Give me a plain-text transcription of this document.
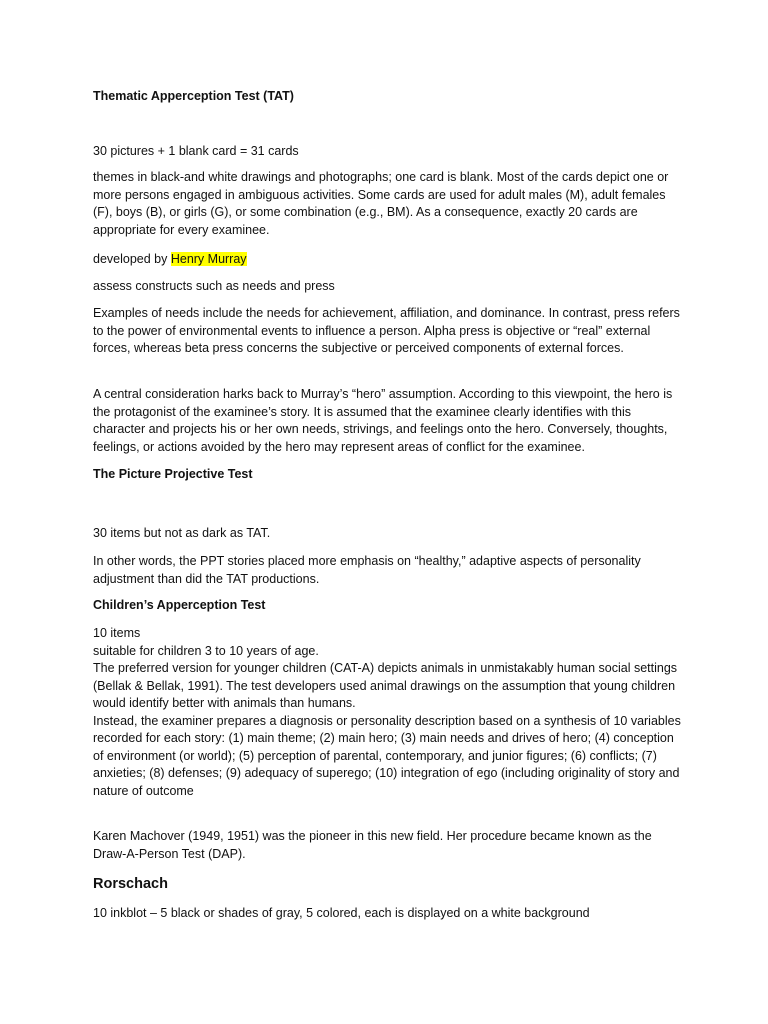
Thematic Apperception Test (TAT)

30 pictures + 1 blank card = 31 cards

themes in black-and white drawings and photographs; one card is blank. Most of the cards depict one or more persons engaged in ambiguous activities. Some cards are used for adult males (M), adult females (F), boys (B), or girls (G), or some combination (e.g., BM). As a consequence, exactly 20 cards are appropriate for every examinee.

developed by Henry Murray

assess constructs such as needs and press

Examples of needs include the needs for achievement, affiliation, and dominance. In contrast, press refers to the power of environmental events to influence a person. Alpha press is objective or “real” external forces, whereas beta press concerns the subjective or perceived components of external forces.

A central consideration harks back to Murray’s “hero” assumption. According to this viewpoint, the hero is the protagonist of the examinee’s story. It is assumed that the examinee clearly identifies with this character and projects his or her own needs, strivings, and feelings onto the hero. Conversely, thoughts, feelings, or actions avoided by the hero may represent areas of conflict for the examinee.

The Picture Projective Test

30 items but not as dark as TAT.

In other words, the PPT stories placed more emphasis on “healthy,” adaptive aspects of personality adjustment than did the TAT productions.

Children’s Apperception Test

10 items
suitable for children 3 to 10 years of age.
The preferred version for younger children (CAT-A) depicts animals in unmistakably human social settings (Bellak & Bellak, 1991). The test developers used animal drawings on the assumption that young children would identify better with animals than humans.
Instead, the examiner prepares a diagnosis or personality description based on a synthesis of 10 variables recorded for each story: (1) main theme; (2) main hero; (3) main needs and drives of hero; (4) conception of environment (or world); (5) perception of parental, contemporary, and junior figures; (6) conflicts; (7) anxieties; (8) defenses; (9) adequacy of superego; (10) integration of ego (including originality of story and nature of outcome

Karen Machover (1949, 1951) was the pioneer in this new field. Her procedure became known as the Draw-A-Person Test (DAP).

Rorschach

10 inkblot – 5 black or shades of gray, 5 colored, each is displayed on a white background
